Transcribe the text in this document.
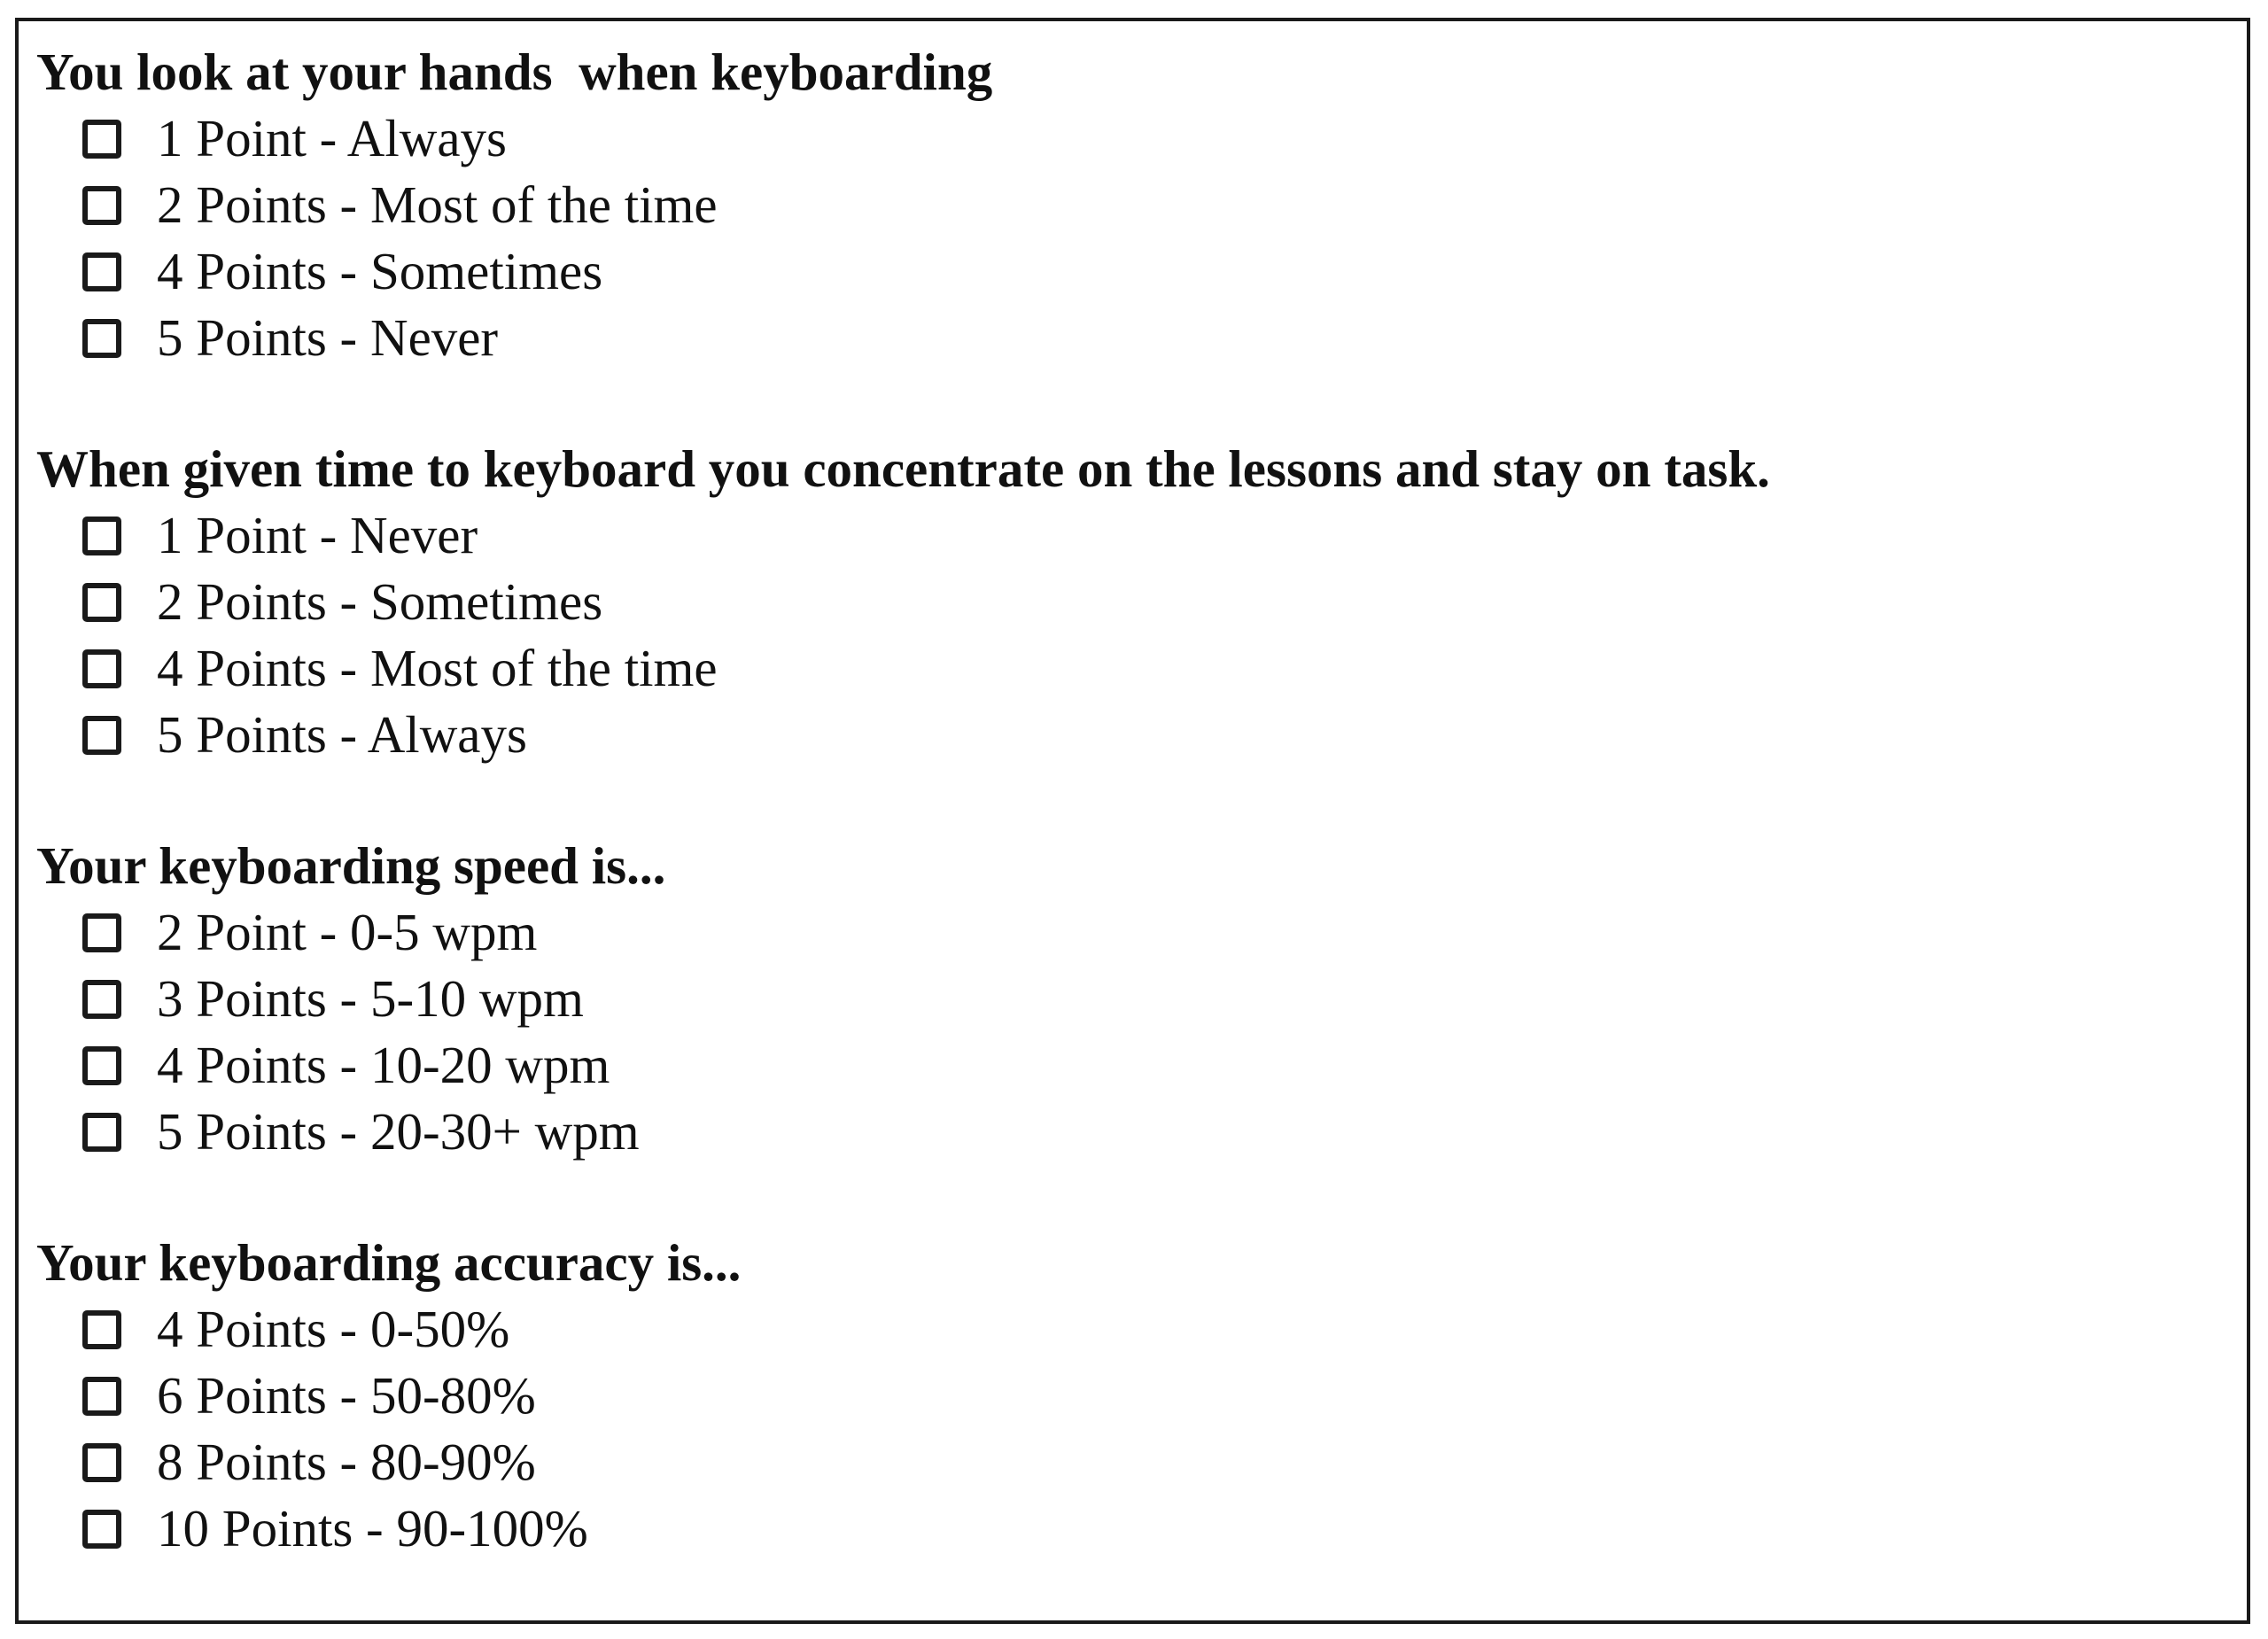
You look at your hands  when keyboarding
1 Point - Always
2 Points - Most of the time
4 Points - Sometimes
5 Points - Never
When given time to keyboard you concentrate on the lessons and stay on task.
1 Point - Never
2 Points - Sometimes
4 Points - Most of the time
5 Points - Always
Your keyboarding speed is...
2 Point - 0-5 wpm
3 Points - 5-10 wpm
4 Points - 10-20 wpm
5 Points - 20-30+ wpm
Your keyboarding accuracy is...
4 Points - 0-50%
6 Points - 50-80%
8 Points - 80-90%
10 Points - 90-100%
